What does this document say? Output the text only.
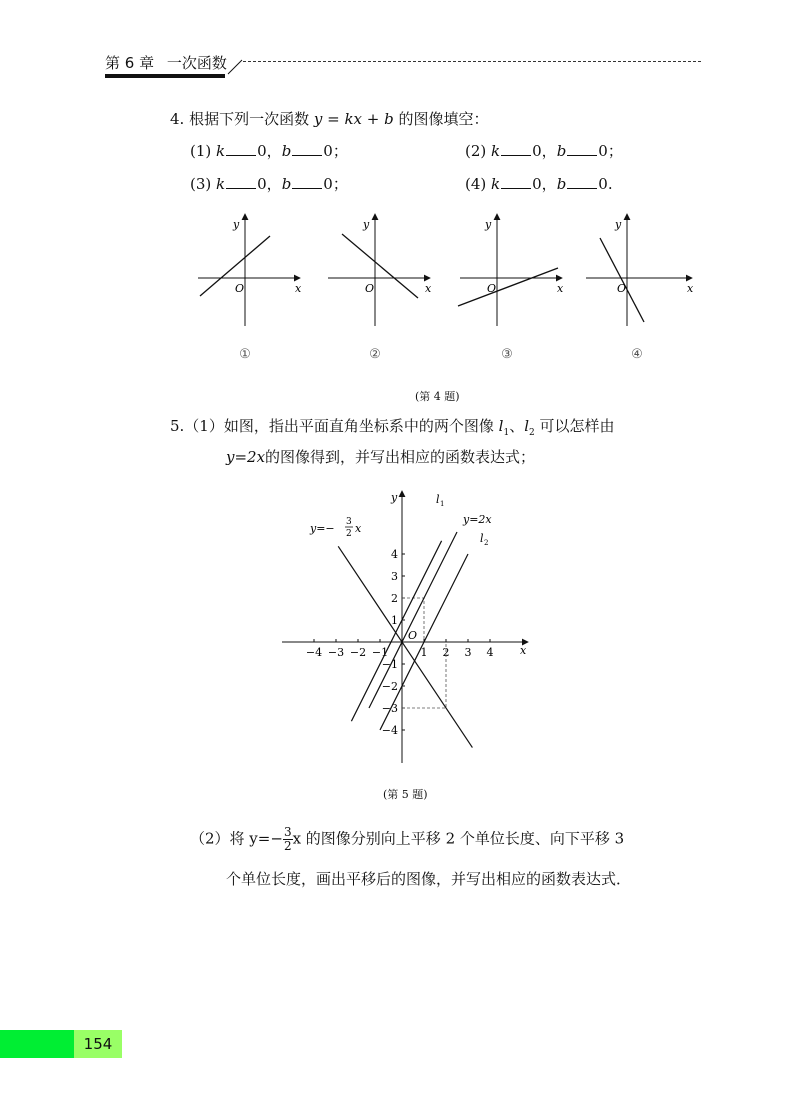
第 6 章 一次函数
4. 根据下列一次函数 y = kx + b 的图像填空：
(1) k 0，b 0；	(2) k 0，b 0；
(3) k 0，b 0；	(4) k 0，b 0.
O	x
y
①
O	x
y
②
O	x
y
③
O	x
y
④
(第 4 题)
5.（1）如图，指出平面直角坐标系中的两个图像 $l_1$、$l_2$ 可以怎样由
y=2x的图像得到，并写出相应的函数表达式；
−4 −3 −2 −1	1 2 3 4
4
3
2
1
−1
−2
−3
−4
O
x
y	l 1
l 2
y=2x
y=− 3
2 x
(第 5 题)
（2）将 $y=- \frac{3}{2}$ x 的图像分别向上平移 2 个单位长度、向下平移 3
个单位长度，画出平移后的图像，并写出相应的函数表达式．
154
